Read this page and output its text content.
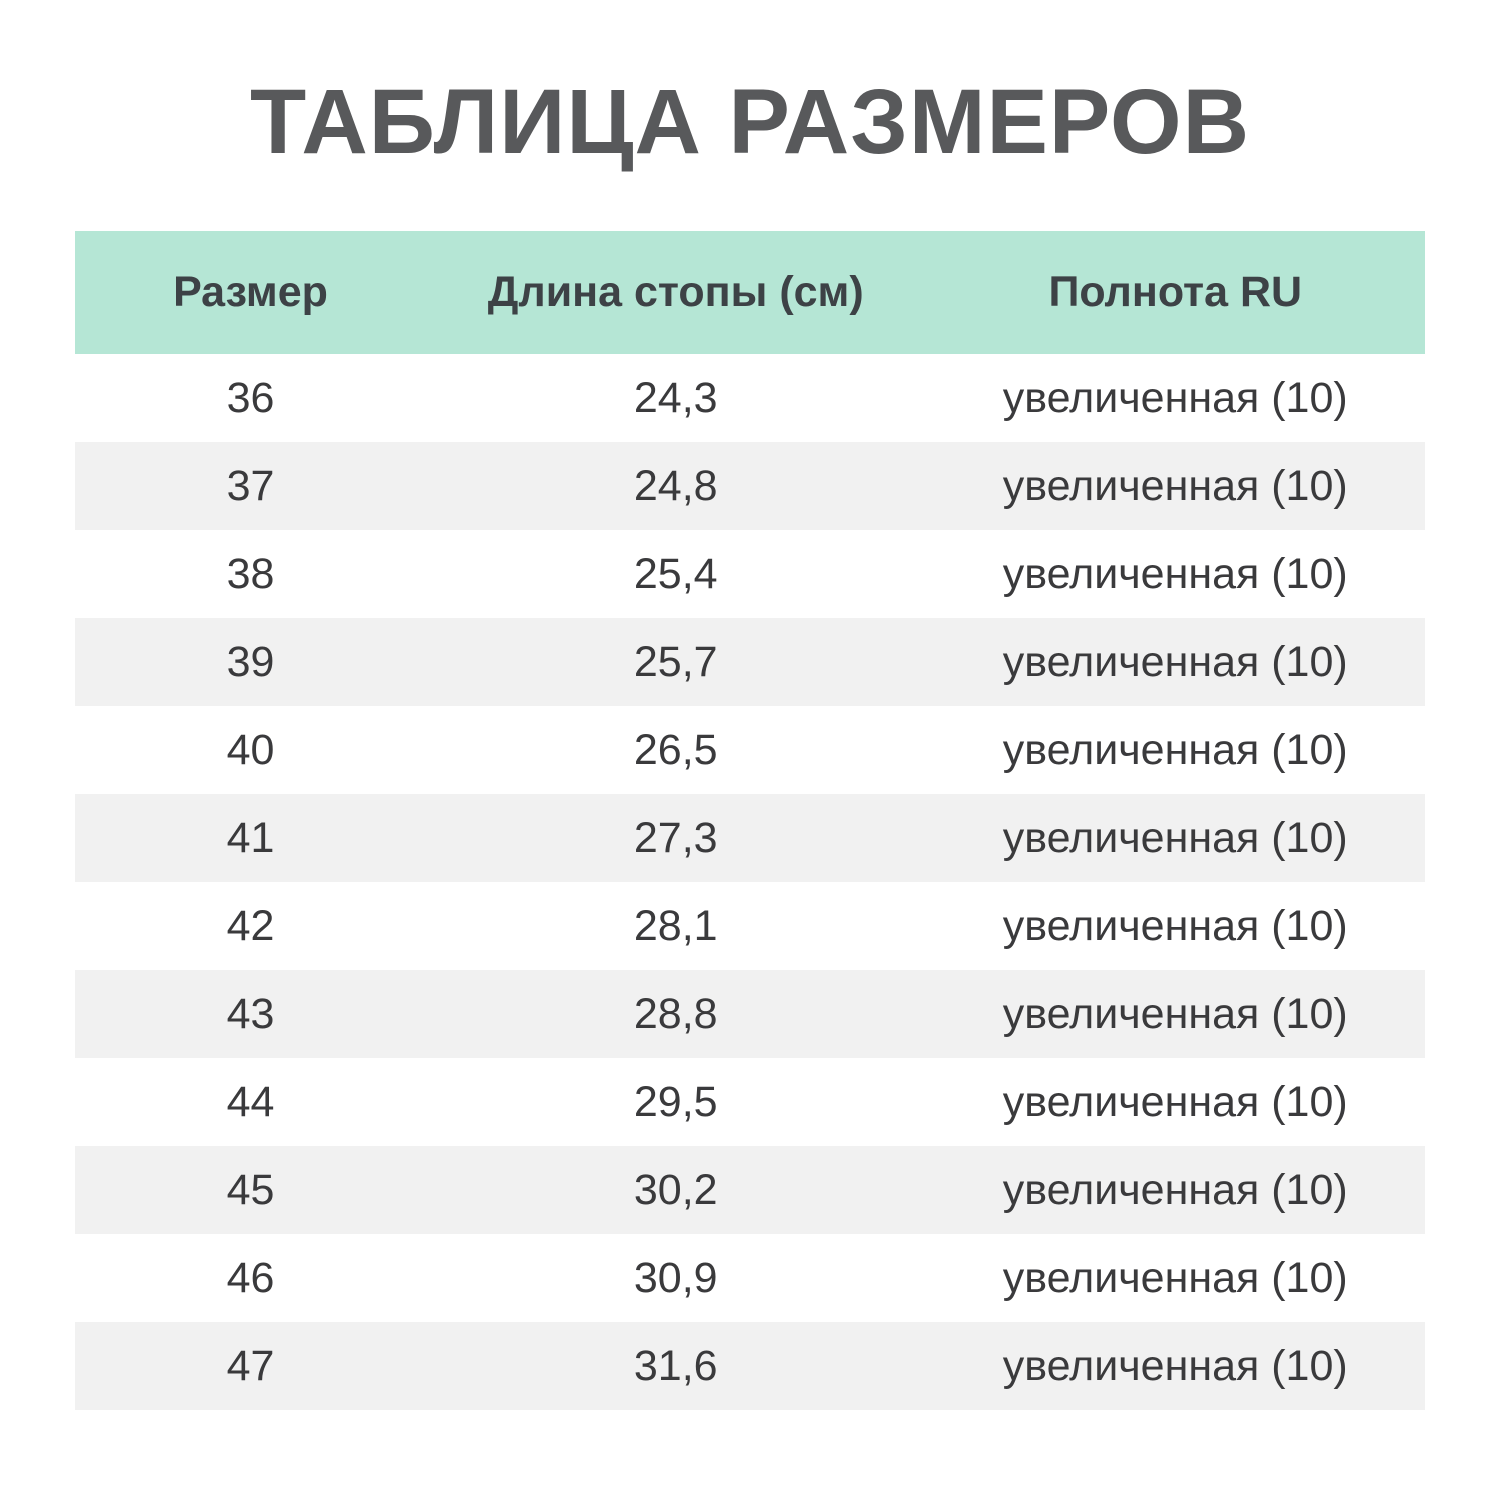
ТАБЛИЦА РАЗМЕРОВ
Размер	Длина стопы (см)	Полнота RU
36	24,3	увеличенная (10)
37	24,8	увеличенная (10)
38	25,4	увеличенная (10)
39	25,7	увеличенная (10)
40	26,5	увеличенная (10)
41	27,3	увеличенная (10)
42	28,1	увеличенная (10)
43	28,8	увеличенная (10)
44	29,5	увеличенная (10)
45	30,2	увеличенная (10)
46	30,9	увеличенная (10)
47	31,6	увеличенная (10)
